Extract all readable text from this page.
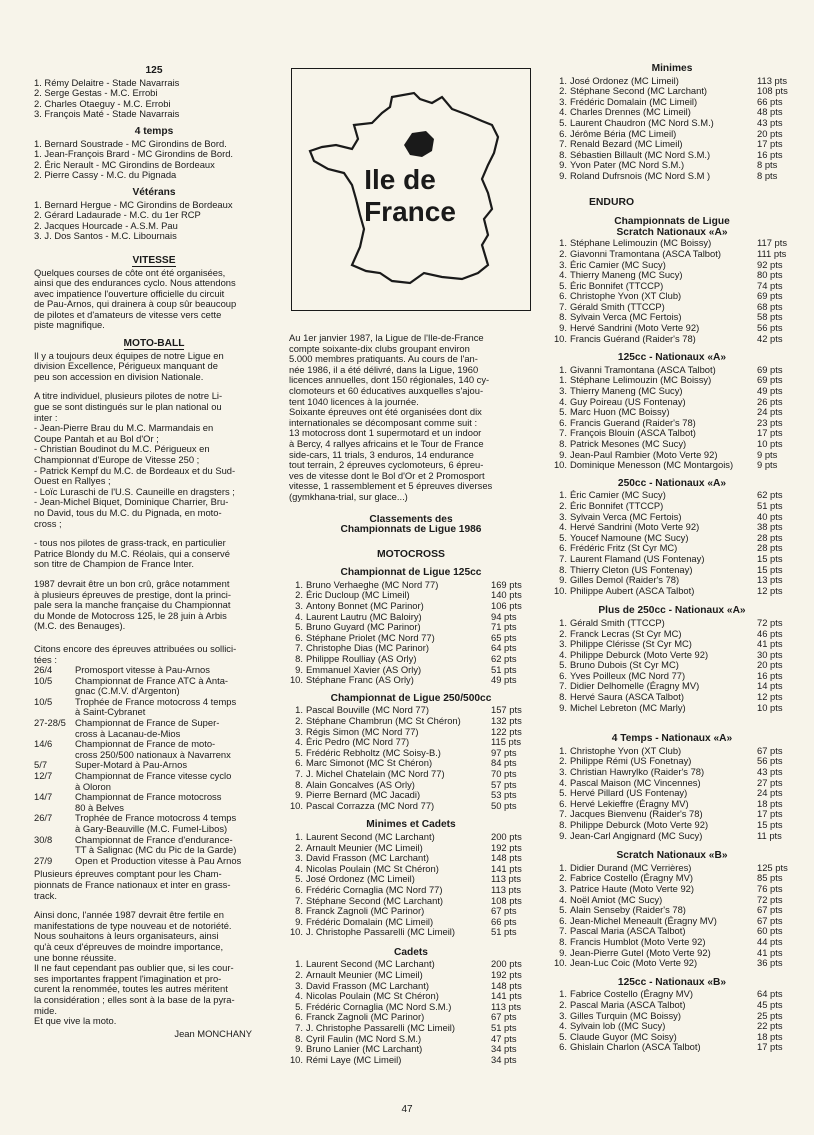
125
1. Rémy Delaitre - Stade Navarrais
2. Serge Gestas - M.C. Errobi
2. Charles Otaeguy - M.C. Errobi
3. François Maté - Stade Navarrais
4 temps
1. Bernard Soustrade - MC Girondins de Bord.
1. Jean-François Brard - MC Girondins de Bord.
2. Éric Nerault - MC Girondins de Bordeaux
2. Pierre Cassy - M.C. du Pignada
Vétérans
1. Bernard Hergue - MC Girondins de Bordeaux
2. Gérard Ladaurade - M.C. du 1er RCP
2. Jacques Hourcade - A.S.M. Pau
3. J. Dos Santos - M.C. Libournais
VITESSE
Quelques courses de côte ont été organisées,
ainsi que des endurances cyclo. Nous attendons
avec impatience l'ouverture officielle du circuit
de Pau-Arnos, qui drainera à coup sûr beaucoup
de pilotes et d'amateurs de vitesse vers cette
piste magnifique.
MOTO-BALL
Il y a toujours deux équipes de notre Ligue en
division Excellence, Périgueux manquant de
peu son accession en division Nationale.
A titre individuel, plusieurs pilotes de notre Li-
gue se sont distingués sur le plan national ou
inter :
- Jean-Pierre Brau du M.C. Marmandais en
Coupe Pantah et au Bol d'Or ;
- Christian Boudinot du M.C. Périgueux en
Championnat d'Europe de Vitesse 250 ;
- Patrick Kempf du M.C. de Bordeaux et du Sud-
Ouest en Rallyes ;
- Loïc Luraschi de l'U.S. Cauneille en dragsters ;
- Jean-Michel Biquet, Dominique Charrier, Bru-
no David, tous du M.C. du Pignada, en moto-
cross ;
- tous nos pilotes de grass-track, en particulier
Patrice Blondy du M.C. Réolais, qui a conservé
son titre de Champion de France Inter.
1987 devrait être un bon crû, grâce notamment
à plusieurs épreuves de prestige, dont la princi-
pale sera la manche française du Championnat
du Monde de Motocross 125, le 28 juin à Arbis
(M.C. des Benauges).
Citons encore des épreuves attribuées ou sollici-
tées :
26/4	Promosport vitesse à Pau-Arnos
10/5	Championnat de France ATC à Anta-
gnac (C.M.V. d'Argenton)
10/5	Trophée de France motocross 4 temps
à Saint-Cybranet
27-28/5 Championnat de France de Super-
cross à Lacanau-de-Mios
14/6	Championnat de France de moto-
cross 250/500 nationaux à Navarrenx
5/7	Super-Motard à Pau-Arnos
12/7	Championnat de France vitesse cyclo
à Oloron
14/7	Championnat de France motocross
80 à Belves
26/7	Trophée de France motocross 4 temps
à Gary-Beauville (M.C. Fumel-Libos)
30/8	Championnat de France d'endurance-
TT à Salignac (MC du Pic de la Garde)
27/9	Open et Production vitesse à Pau Arnos
Plusieurs épreuves comptant pour les Cham-
pionnats de France nationaux et inter en grass-
track.
Ainsi donc, l'année 1987 devrait être fertile en
manifestations de type nouveau et de notoriété.
Nous souhaitons à leurs organisateurs, ainsi
qu'à ceux d'épreuves de moindre importance,
une bonne réussite.
Il ne faut cependant pas oublier que, si les cour-
ses importantes frappent l'imagination et pro-
curent la renommée, toutes les autres méritent
la considération ; elles sont à la base de la pyra-
mide.
Et que vive la moto.
Jean MONCHANY
Ile de
France
Au 1er janvier 1987, la Ligue de l'Ile-de-France
compte soixante-dix clubs groupant environ
5.000 membres pratiquants. Au cours de l'an-
née 1986, il a été délivré, dans la Ligue, 1960
licences annuelles, dont 150 régionales, 140 cy-
clomoteurs et 60 éducatives auxquelles s'ajou-
tent 1040 licences à la journée.
Soixante épreuves ont été organisées dont dix
internationales se décomposant comme suit :
13 motocross dont 1 supermotard et un indoor
à Bercy, 4 rallyes africains et le Tour de France
side-cars, 11 trials, 3 enduros, 14 endurance
tout terrain, 2 épreuves cyclomoteurs, 6 épreu-
ves de vitesse dont le Bol d'Or et 2 Promosport
vitesse, 1 rassemblement et 5 épreuves diverses
(gymkhana-trial, sur glace...)
Classements des
Championnats de Ligue 1986
MOTOCROSS
Championnat de Ligue 125cc
1. Bruno Verhaeghe (MC Nord 77)	169 pts
2. Éric Ducloup (MC Limeil)	140 pts
3. Antony Bonnet (MC Parinor)	106 pts
4. Laurent Lautru (MC Baloiry)	94 pts
5. Bruno Guyard (MC Parinor)	71 pts
6. Stéphane Priolet (MC Nord 77)	65 pts
7. Christophe Dias (MC Parinor)	64 pts
8. Philippe Roulliay (AS Orly)	62 pts
9. Emmanuel Xavier (AS Orly)	51 pts
10. Stéphane Franc (AS Orly)	49 pts
Championnat de Ligue 250/500cc
1. Pascal Bouville (MC Nord 77)	157 pts
2. Stéphane Chambrun (MC St Chéron)	132 pts
3. Régis Simon (MC Nord 77)	122 pts
4. Éric Pedro (MC Nord 77)	115 pts
5. Frédéric Rebholtz (MC Soisy-B.)	97 pts
6. Marc Simonot (MC St Chéron)	84 pts
7. J. Michel Chatelain (MC Nord 77)	70 pts
8. Alain Goncalves (AS Orly)	57 pts
9. Pierre Bernard (MC Jacadi)	53 pts
10. Pascal Corrazza (MC Nord 77)	50 pts
Minimes et Cadets
1. Laurent Second (MC Larchant)	200 pts
2. Arnault Meunier (MC Limeil)	192 pts
3. David Frasson (MC Larchant)	148 pts
4. Nicolas Poulain (MC St Chéron)	141 pts
5. José Ordonez (MC Limeil)	113 pts
6. Frédéric Cornaglia (MC Nord 77)	113 pts
7. Stéphane Second (MC Larchant)	108 pts
8. Franck Zagnoli (MC Parinor)	67 pts
9. Frédéric Domalain (MC Limeil)	66 pts
10. J. Christophe Passarelli (MC Limeil)	51 pts
Cadets
1. Laurent Second (MC Larchant)	200 pts
2. Arnault Meunier (MC Limeil)	192 pts
3. David Frasson (MC Larchant)	148 pts
4. Nicolas Poulain (MC St Chéron)	141 pts
5. Frédéric Cornaglia (MC Nord S.M.)	113 pts
6. Franck Zagnoli (MC Parinor)	67 pts
7. J. Christophe Passarelli (MC Limeil)	51 pts
8. Cyril Faulin (MC Nord S.M.)	47 pts
9. Bruno Lanier (MC Larchant)	34 pts
10. Rémi Laye (MC Limeil)	34 pts
Minimes
1. José Ordonez (MC Limeil)	113 pts
2. Stéphane Second (MC Larchant)	108 pts
3. Frédéric Domalain (MC Limeil)	66 pts
4. Charles Drennes (MC Limeil)	48 pts
5. Laurent Chaudron (MC Nord S.M.)	43 pts
6. Jérôme Béria (MC Limeil)	20 pts
7. Renald Bezard (MC Limeil)	17 pts
8. Sébastien Billault (MC Nord S.M.)	16 pts
9. Yvon Pater (MC Nord S.M.)	8 pts
9. Roland Dufrsnois (MC Nord S.M )	8 pts
ENDURO
Championnats de Ligue
Scratch Nationaux «A»
1. Stéphane Lelimouzin (MC Boissy)	117 pts
2. Giavonni Tramontana (ASCA Talbot)	111 pts
3. Éric Camier (MC Sucy)	92 pts
4. Thierry Maneng (MC Sucy)	80 pts
5. Éric Bonnifet (TTCCP)	74 pts
6. Christophe Yvon (XT Club)	69 pts
7. Gérald Smith (TTCCP)	68 pts
8. Sylvain Verca (MC Fertois)	58 pts
9. Hervé Sandrini (Moto Verte 92)	56 pts
10. Francis Guérand (Raider's 78)	42 pts
125cc - Nationaux «A»
1. Givanni Tramontana (ASCA Talbot)	69 pts
1. Stéphane Lelimouzin (MC Boissy)	69 pts
3. Thierry Maneng (MC Sucy)	49 pts
4. Guy Poireau (US Fontenay)	26 pts
5. Marc Huon (MC Boissy)	24 pts
6. Francis Guerand (Raider's 78)	23 pts
7. François Blouin (ASCA Talbot)	17 pts
8. Patrick Mesones (MC Sucy)	10 pts
9. Jean-Paul Rambier (Moto Verte 92)	9 pts
10. Dominique Menesson (MC Montargois)	9 pts
250cc - Nationaux «A»
1. Éric Camier (MC Sucy)	62 pts
2. Éric Bonnifet (TTCCP)	51 pts
3. Sylvain Verca (MC Fertois)	40 pts
4. Hervé Sandrini (Moto Verte 92)	38 pts
5. Youcef Namoune (MC Sucy)	28 pts
6. Frédéric Fritz (St Cyr MC)	28 pts
7. Laurent Flamand (US Fontenay)	15 pts
8. Thierry Cleton (US Fontenay)	15 pts
9. Gilles Demol (Raider's 78)	13 pts
10. Philippe Aubert (ASCA Talbot)	12 pts
Plus de 250cc - Nationaux «A»
1. Gérald Smith (TTCCP)	72 pts
2. Franck Lecras (St Cyr MC)	46 pts
3. Philippe Clérisse (St Cyr MC)	41 pts
4. Philippe Deburck (Moto Verte 92)	30 pts
5. Bruno Dubois (St Cyr MC)	20 pts
6. Yves Poilleux (MC Nord 77)	16 pts
7. Didier Delhomelle (Éragny MV)	14 pts
8. Hervé Saura (ASCA Talbot)	12 pts
9. Michel Lebreton (MC Marly)	10 pts
4 Temps - Nationaux «A»
1. Christophe Yvon (XT Club)	67 pts
2. Philippe Rémi (US Fonetnay)	56 pts
3. Christian Hawrylko (Raider's 78)	43 pts
4. Pascal Maison (MC Vincennes)	27 pts
5. Hervé Pillard (US Fontenay)	24 pts
6. Hervé Lekieffre (Éragny MV)	18 pts
7. Jacques Bienvenu (Raider's 78)	17 pts
8. Philippe Deburck (Moto Verte 92)	15 pts
9. Jean-Carl Angignard (MC Sucy)	11 pts
Scratch Nationaux «B»
1. Didier Durand (MC Verrières)	125 pts
2. Fabrice Costello (Éragny MV)	85 pts
3. Patrice Haute (Moto Verte 92)	76 pts
4. Noël Amiot (MC Sucy)	72 pts
5. Alain Senseby (Raider's 78)	67 pts
6. Jean-Michel Meneault (Éragny MV)	67 pts
7. Pascal Maria (ASCA Talbot)	60 pts
8. Francis Humblot (Moto Verte 92)	44 pts
9. Jean-Pierre Gutel (Moto Verte 92)	41 pts
10. Jean-Luc Coic (Moto Verte 92)	36 pts
125cc - Nationaux «B»
1. Fabrice Costello (Éragny MV)	64 pts
2. Pascal Maria (ASCA Talbot)	45 pts
3. Gilles Turquin (MC Boissy)	25 pts
4. Sylvain lob ((MC Sucy)	22 pts
5. Claude Guyor (MC Soisy)	18 pts
6. Ghislain Charlon (ASCA Talbot)	17 pts
47
